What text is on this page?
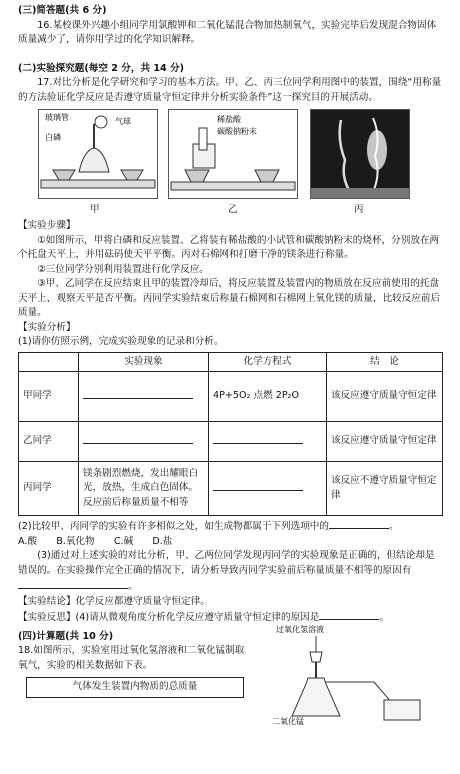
(三)简答题(共 6 分)

16.某校课外兴趣小组同学用氯酸钾和二氧化锰混合物加热制氧气，实验完毕后发现混合物固体质量减少了，请你用学过的化学知识解释。

(二)实验探究题(每空 2 分，共 14 分)

17.对比分析是化学研究和学习的基本方法。甲、乙、丙三位同学利用图中的装置，围绕“用称量的方法验证化学反应是否遵守质量守恒定律并分析实验条件”这一探究目的开展活动。

玻璃管	气球
白磷
稀盐酸
碳酸钠粉末
甲	乙	丙
【实验步骤】

①如图所示，甲将白磷和反应装置、乙将装有稀盐酸的小试管和碳酸钠粉末的烧杯，分别放在两个托盘天平上，并用砝码使天平平衡。丙对石棉网和打磨干净的镁条进行称量。

②三位同学分别利用装置进行化学反应。

③甲、乙同学在反应结束且甲的装置冷却后，将反应装置及装置内的物质放在反应前使用的托盘天平上，观察天平是否平衡。丙同学实验结束后称量石棉网和石棉网上氧化镁的质量，比较反应前后质量。

【实验分析】
(1)请你仿照示例，完成实验现象的记录和分析。
	实验现象	化学方程式	结　论
甲同学		4P+5O₂ 点燃 2P₂O	该反应遵守质量守恒定律
乙同学			该反应遵守质量守恒定律
丙同学	镁条剧烈燃烧，发出耀眼白光，放热，生成白色固体。反应前后称量质量不相等		该反应不遵守质量守恒定律
(2)比较甲、丙同学的实验有许多相似之处，如生成物都属于下列选项中的	。
A.酸　　B.氧化物　　C.碱　　D.盐

(3)通过对上述实验的对比分析，甲、乙两位同学发现丙同学的实验现象是正确的，但结论却是错误的。在实验操作完全正确的情况下，请分析导致丙同学实验前后称量质量不相等的原因有。

【实验结论】化学反应都遵守质量守恒定律。

【实验反思】(4)请从微观角度分析化学反应遵守质量守恒定律的原因是	。

(四)计算题(共 10 分)
18.如图所示，实验室用过氧化氢溶液和二氧化锰制取氧气，实验的相关数据如下表。
气体发生装置内物质的总质量
过氧化氢溶液
二氧化锰
